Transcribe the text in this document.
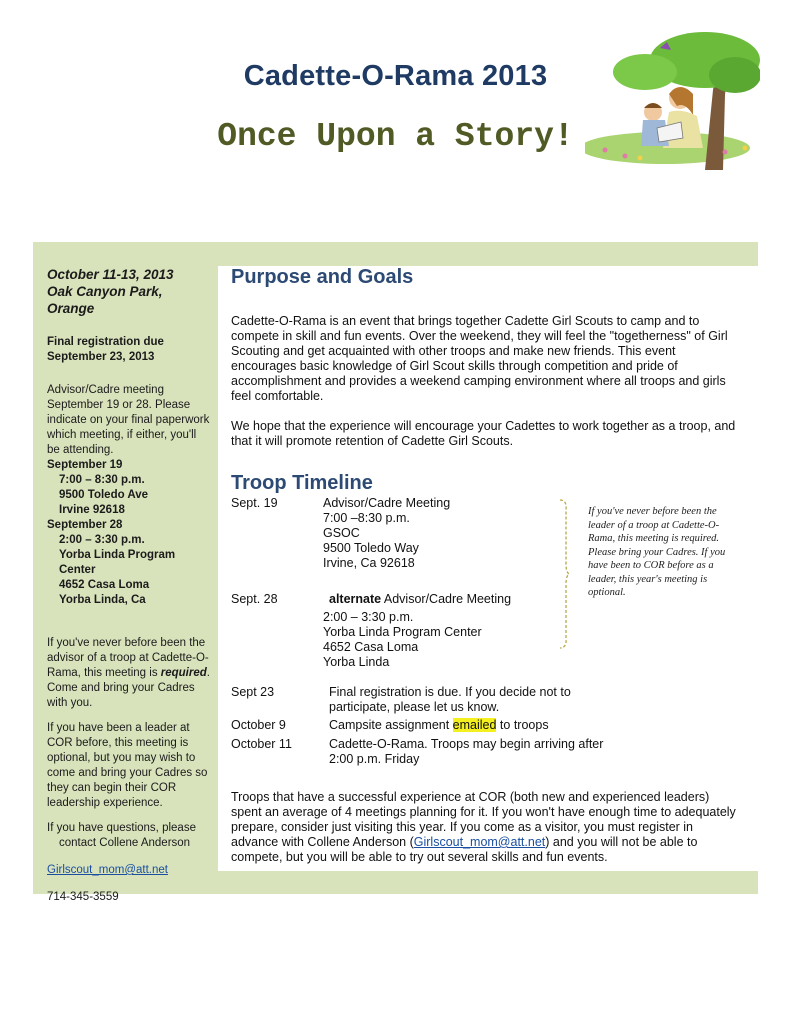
Cadette-O-Rama 2013
Once Upon a Story!

October 11-13, 2013

Oak Canyon Park, Orange

Final registration due September 23, 2013

Advisor/Cadre meeting September 19 or 28. Please indicate on your final paperwork which meeting, if either, you'll be attending.

September 19

7:00 – 8:30 p.m.

9500 Toledo Ave

Irvine 92618

September 28

2:00 – 3:30 p.m.

Yorba Linda Program Center

4652 Casa Loma

Yorba Linda, Ca

If you've never before been the advisor of a troop at Cadette-O-Rama, this meeting is required. Come and bring your Cadres with you.

If you have been a leader at COR before, this meeting is optional, but you may wish to come and bring your Cadres so they can begin their COR leadership experience.

If you have questions, please

contact Collene Anderson

Girlscout_mom@att.net

714-345-3559

Purpose and Goals

Cadette-O-Rama is an event that brings together Cadette Girl Scouts to camp and to compete in skill and fun events. Over the weekend, they will feel the "togetherness" of Girl Scouting and get acquainted with other troops and make new friends. This event encourages basic knowledge of Girl Scout skills through competition and pride of accomplishment and provides a weekend camping environment where all troops and girls feel comfortable.

We hope that the experience will encourage your Cadettes to work together as a troop, and that it will promote retention of Cadette Girl Scouts.

Troop Timeline
Sept. 19	Advisor/Cadre Meeting
7:00 –8:30 p.m.
GSOC
9500 Toledo Way
Irvine, Ca 92618
Sept. 28	alternate Advisor/Cadre Meeting
2:00 – 3:30 p.m.
Yorba Linda Program Center
4652 Casa Loma
Yorba Linda
If you've never before been the leader of a troop at Cadette-O-Rama, this meeting is required. Please bring your Cadres. If you have been to COR before as a leader, this year's meeting is optional.
Sept 23	Final registration is due. If you decide not to participate, please let us know.
October 9	Campsite assignment emailed to troops
October 11	Cadette-O-Rama. Troops may begin arriving after 2:00 p.m. Friday

Troops that have a successful experience at COR (both new and experienced leaders) spent an average of 4 meetings planning for it. If you won't have enough time to adequately prepare, consider just visiting this year. If you come as a visitor, you must register in advance with Collene Anderson (Girlscout_mom@att.net) and you will not be able to compete, but you will be able to try out several skills and fun events.
